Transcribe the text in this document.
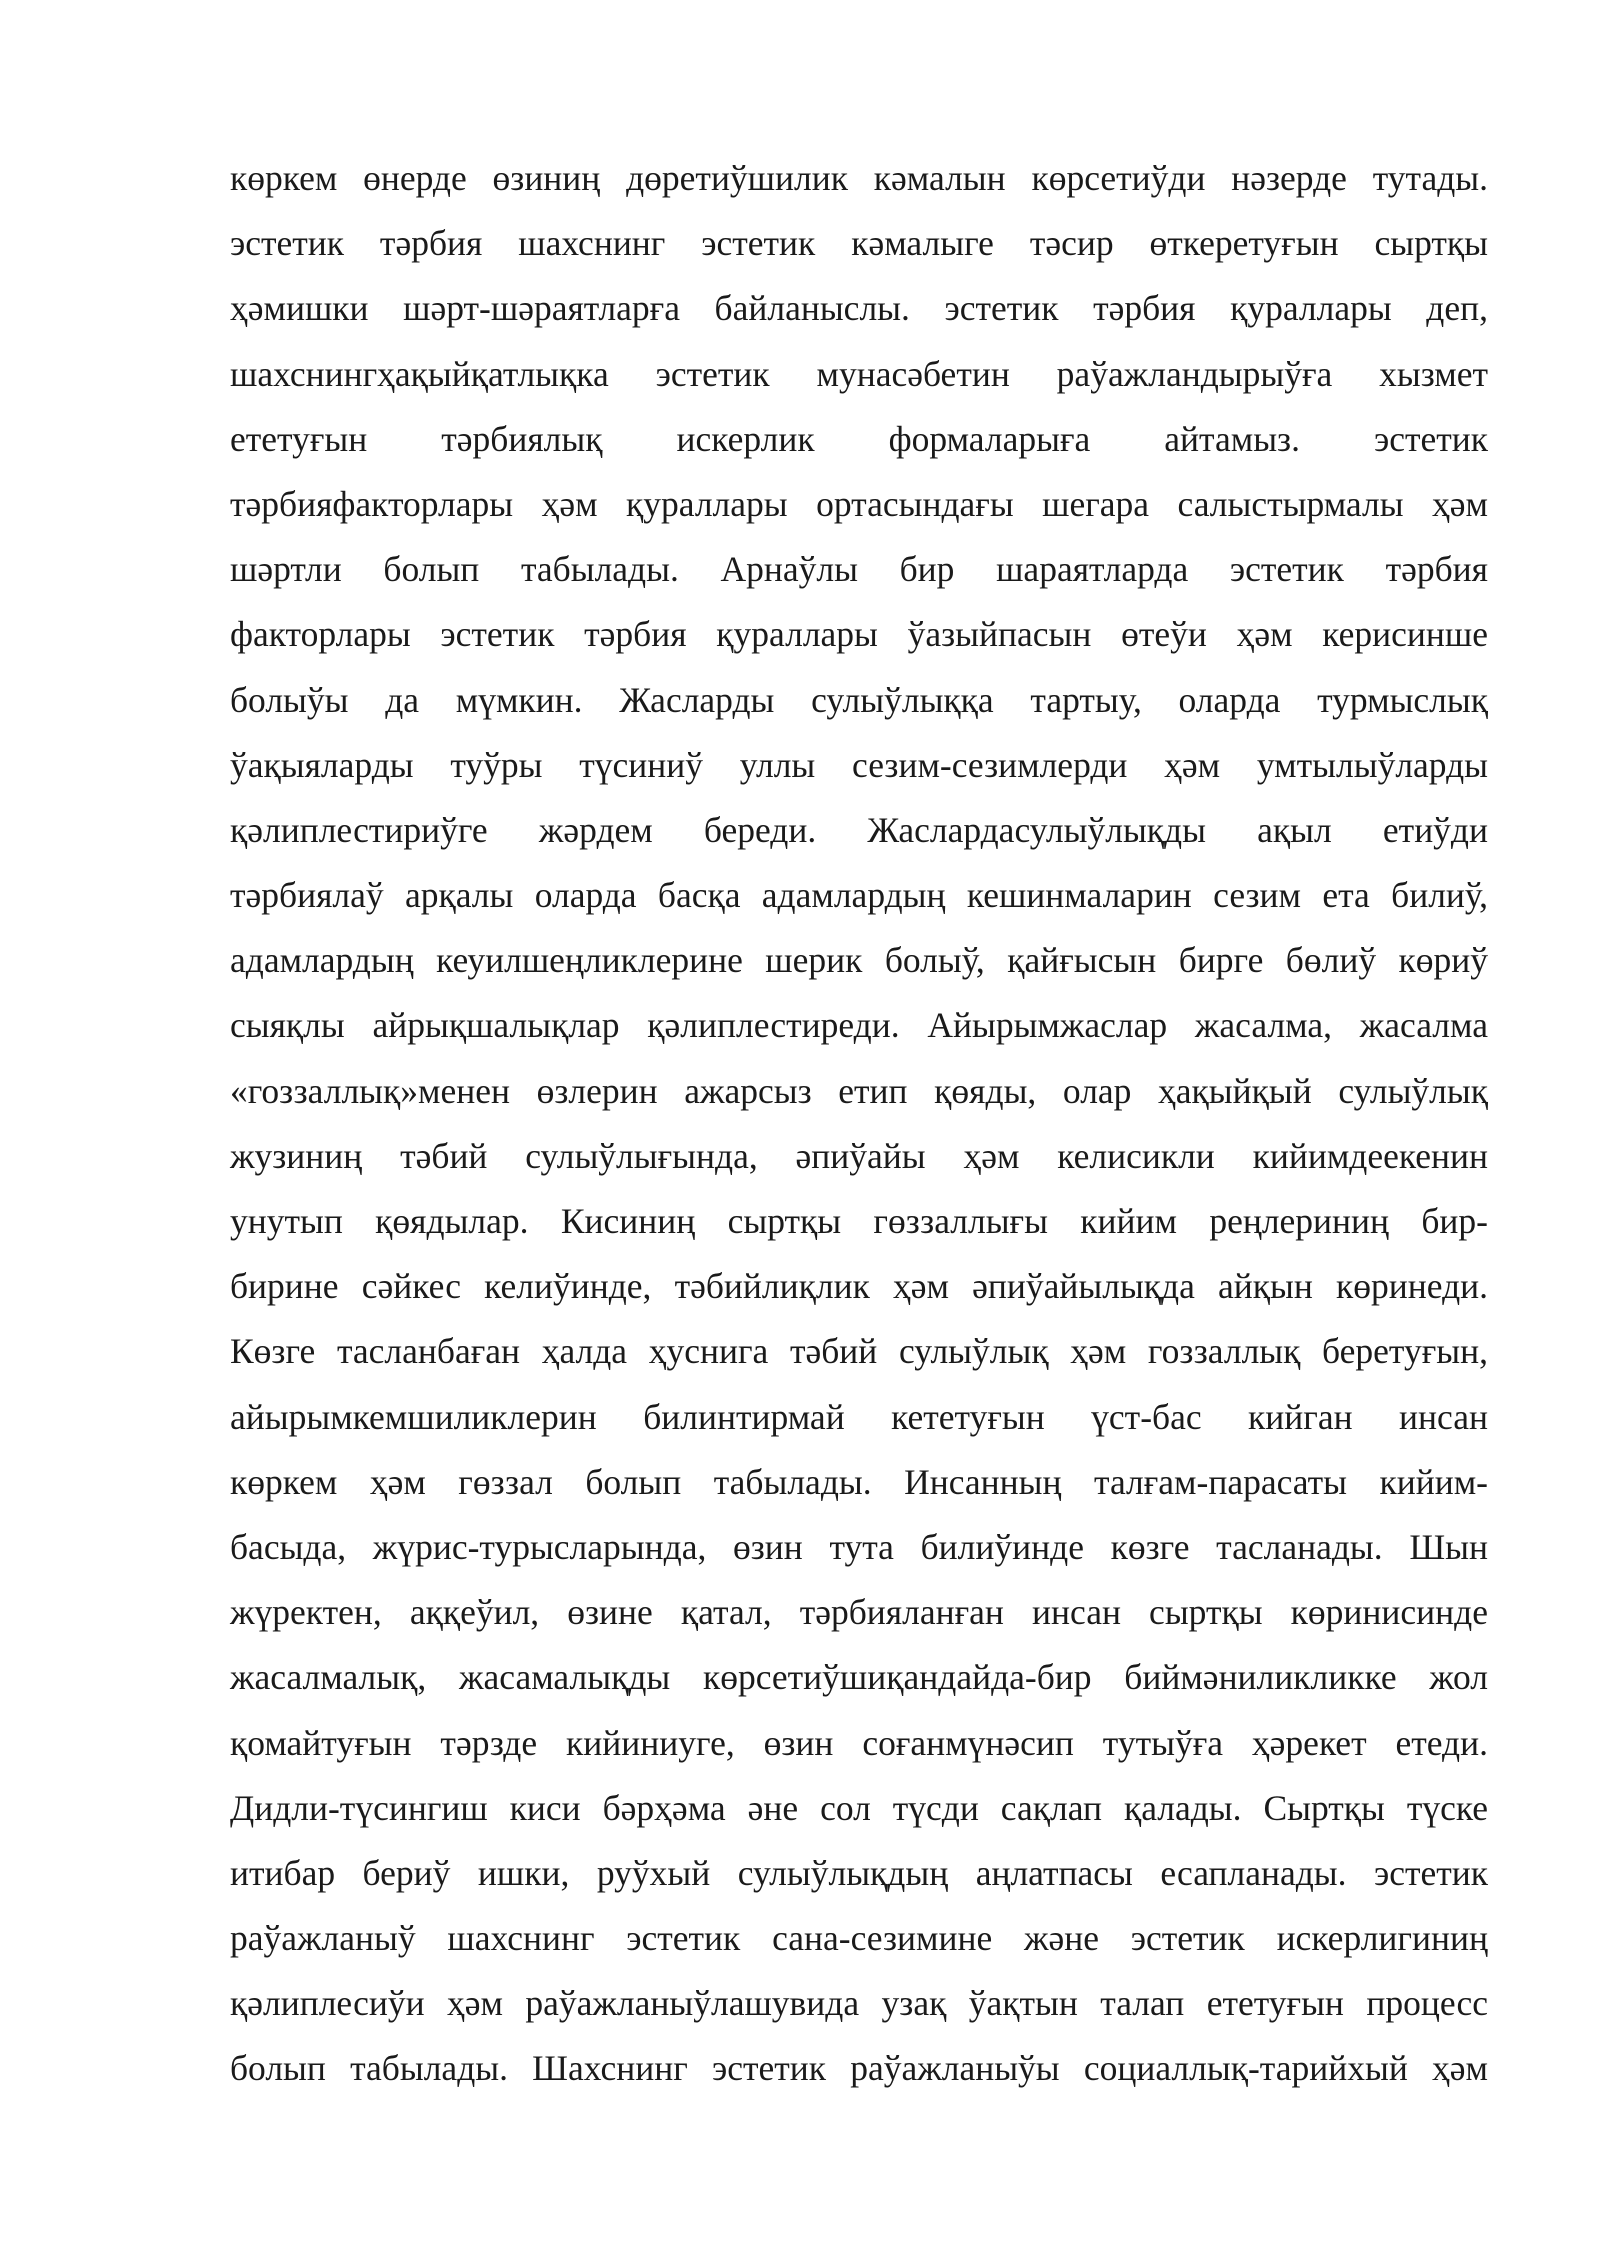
көркем өнерде өзиниң дөретиўшилик кәмалын көрсетиўди нәзерде тутады.
эстетик тәрбия шахснинг эстетик кәмалыге тәсир өткеретуғын сыртқы
ҳәмишки шәрт-шәраятларға байланыслы. эстетик тәрбия қураллары деп,
шахснингҳақыйқатлықка эстетик мунасәбетин раўажландырыўға хызмет
ететуғын тәрбиялық искерлик формаларыға айтамыз. эстетик
тәрбияфакторлары ҳәм қураллары ортасындағы шегара салыстырмалы ҳәм
шәртли болып табылады. Арнаўлы бир шараятларда эстетик тәрбия
факторлары эстетик тәрбия қураллары ўазыйпасын өтеўи ҳәм керисинше
болыўы да мүмкин. Жасларды сулыўлыққа тартыу, оларда турмыслық
ўақыяларды туўры түсиниў уллы сезим-сезимлерди ҳәм умтылыўларды
қәлиплестириўге жәрдем береди. Жаслардасулыўлықды ақыл етиўди
тәрбиялаў арқалы оларда басқа адамлардың кешинмаларин сезим ета билиў,
адамлардың кеуилшеңликлерине шерик болыў, қайғысын бирге бөлиў көриў
сыяқлы айрықшалықлар қәлиплестиреди. Айырымжаслар жасалма, жасалма
«гоззаллық»менен өзлерин ажарсыз етип қөяды, олар ҳақыйқый сулыўлық
жузиниң тәбий сулыўлығында, әпиўайы ҳәм келисикли кийимдеекенин
унутып қөядылар. Кисиниң сыртқы гөззаллығы кийим реңлериниң бир-
бирине сәйкес келиўинде, тәбийлиқлик ҳәм әпиўайылықда айқын көринеди.
Көзге тасланбаған ҳалда ҳуснига тәбий сулыўлық ҳәм гоззаллық беретуғын,
айырымкемшиликлерин билинтирмай кететуғын үст-бас кийган инсан
көркем ҳәм гөззал болып табылады. Инсанның талғам-парасаты кийим-
басыда, жүрис-турысларында, өзин тута билиўинде көзге тасланады. Шын
жүректен, аққеўил, өзине қатал, тәрбияланған инсан сыртқы көринисинде
жасалмалық, жасамалықды көрсетиўшиқандайда-бир биймәниликликке жол
қомайтуғын тәрзде кийиниуге, өзин соғанмүнәсип тутыўға ҳәрекет етеди.
Дидли-түсингиш киси бәрҳәма әне сол түсди сақлап қалады. Сыртқы түске
итибар бериў ишки, руўхый сулыўлықдың аңлатпасы есапланады. эстетик
раўажланыў шахснинг эстетик сана-сезимине және эстетик искерлигиниң
қәлиплесиўи ҳәм раўажланыўлашувида узақ ўақтын талап ететуғын процесс
болып табылады. Шахснинг эстетик раўажланыўы социаллық-тарийхый ҳәм
